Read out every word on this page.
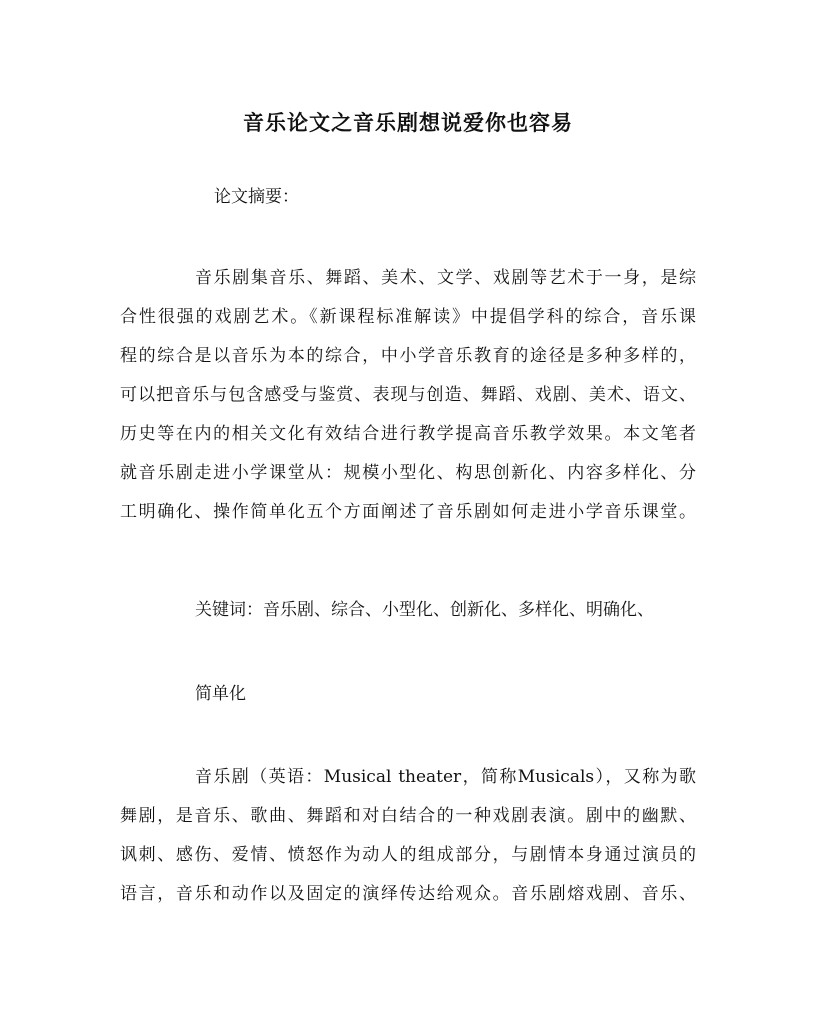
音乐论文之音乐剧想说爱你也容易
论文摘要：
音乐剧集音乐、舞蹈、美术、文学、戏剧等艺术于一身，是综
合性很强的戏剧艺术。《新课程标准解读》中提倡学科的综合，音乐课
程的综合是以音乐为本的综合，中小学音乐教育的途径是多种多样的，
可以把音乐与包含感受与鉴赏、表现与创造、舞蹈、戏剧、美术、语文、
历史等在内的相关文化有效结合进行教学提高音乐教学效果。本文笔者
就音乐剧走进小学课堂从：规模小型化、构思创新化、内容多样化、分
工明确化、操作简单化五个方面阐述了音乐剧如何走进小学音乐课堂。
关键词：音乐剧、综合、小型化、创新化、多样化、明确化、
简单化
音乐剧（英语：Musical theater，简称Musicals），又称为歌
舞剧，是音乐、歌曲、舞蹈和对白结合的一种戏剧表演。剧中的幽默、
讽刺、感伤、爱情、愤怒作为动人的组成部分，与剧情本身通过演员的
语言，音乐和动作以及固定的演绎传达给观众。音乐剧熔戏剧、音乐、
